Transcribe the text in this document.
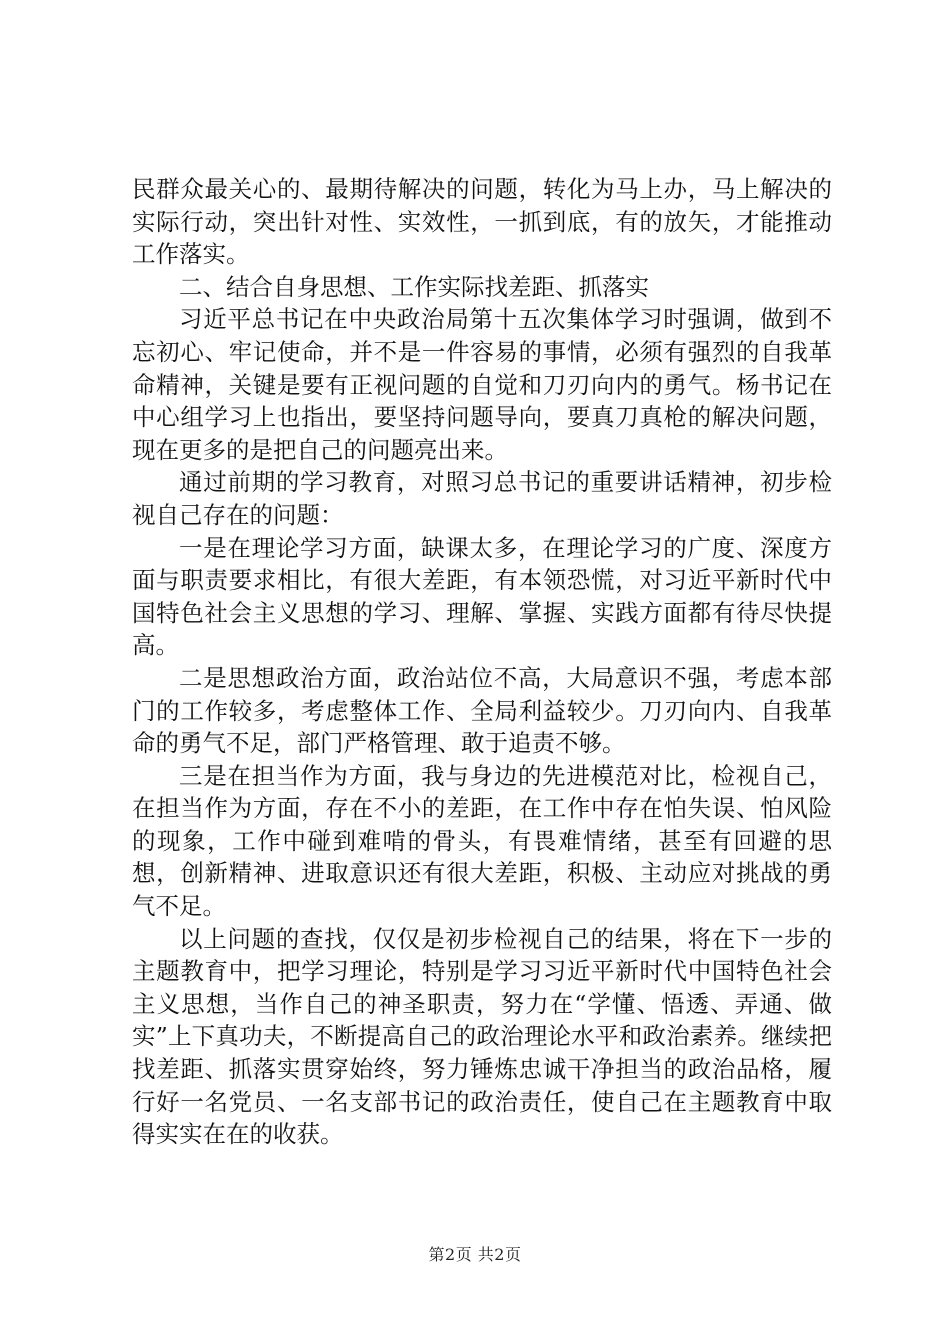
民群众最关心的、最期待解决的问题，转化为马上办，马上解决的实际行动，突出针对性、实效性，一抓到底，有的放矢，才能推动工作落实。

二、结合自身思想、工作实际找差距、抓落实

习近平总书记在中央政治局第十五次集体学习时强调，做到不忘初心、牢记使命，并不是一件容易的事情，必须有强烈的自我革命精神，关键是要有正视问题的自觉和刀刃向内的勇气。杨书记在中心组学习上也指出，要坚持问题导向，要真刀真枪的解决问题，现在更多的是把自己的问题亮出来。

通过前期的学习教育，对照习总书记的重要讲话精神，初步检视自己存在的问题：

一是在理论学习方面，缺课太多，在理论学习的广度、深度方面与职责要求相比，有很大差距，有本领恐慌，对习近平新时代中国特色社会主义思想的学习、理解、掌握、实践方面都有待尽快提高。

二是思想政治方面，政治站位不高，大局意识不强，考虑本部门的工作较多，考虑整体工作、全局利益较少。刀刃向内、自我革命的勇气不足，部门严格管理、敢于追责不够。

三是在担当作为方面，我与身边的先进模范对比，检视自己，在担当作为方面，存在不小的差距，在工作中存在怕失误、怕风险的现象，工作中碰到难啃的骨头，有畏难情绪，甚至有回避的思想，创新精神、进取意识还有很大差距，积极、主动应对挑战的勇气不足。

以上问题的查找，仅仅是初步检视自己的结果，将在下一步的主题教育中，把学习理论，特别是学习习近平新时代中国特色社会主义思想，当作自己的神圣职责，努力在“学懂、悟透、弄通、做实”上下真功夫，不断提高自己的政治理论水平和政治素养。继续把找差距、抓落实贯穿始终，努力锤炼忠诚干净担当的政治品格，履行好一名党员、一名支部书记的政治责任，使自己在主题教育中取得实实在在的收获。

第2页 共2页
